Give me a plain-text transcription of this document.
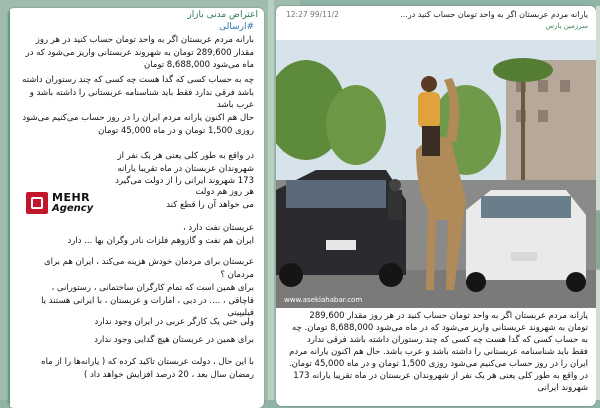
اعتراض مدنی بازار
#ارسالی
بارانه مردم عربستان اگر به واحد تومان حساب کنید در هر روز مقدار 289,600 تومان به شهروند عربستانی واریز می‌شود که در ماه می‌شود 8,688,000 تومان
چه به حساب کسی که گدا هست چه کسی که چند رستوران داشته باشد فرقی ندارد فقط باید شناسنامه عربستانی را داشته باشد و عرب باشد
حال هم اکنون یارانه مردم ایران را در روز حساب می‌کنیم می‌شود روزی 1,500 تومان و در ماه 45,000 تومان
در واقع به طور کلی یعنی هر یک نفر از شهروندان عربستان در ماه تقریبا یارانه 173 شهروند ایرانی را از دولت می‌گیرد
MEHR
Agency
هر روز هم دولت
می خواهد آن را قطع کند
عربستان نفت دارد ،
ایران هم نفت و گازوهم فلزات نادر وگران بها ... دارد
عربستان برای مردمان خودش هزینه می‌کند ، ایران هم برای مردمان ؟
برای همین است که تمام کارگران ساختمانی ، رستورانی ،
قاچاقی ، .... در دبی ، امارات و عربستان ، با ایرانی هستند یا فیلیپینی
ولی حتی یک کارگر عربی در ایران وجود ندارد
برای همین در عربستان هیچ گدایی وجود ندارد
با این حال ، دولت عربستان تاکید کرده که ( یارانه‌ها را از ماه رمضان سال بعد ، 20 درصد افزایش خواهد داد )
یارانه مردم عربستان اگر به واحد تومان حساب کنید در...
سرزمین پارس
12:27 99/11/2
www.aseklahabar.com
یارانه مردم عربستان اگر به واحد تومان حساب کنید در هر روز مقدار 289,600 تومان به شهروند عربستانی واریز می‌شود که در ماه می‌شود 8,688,000 تومان. چه به حساب کسی که گدا هست چه کسی که چند رستوران داشته باشد فرقی ندارد فقط باید شناسنامه عربستانی را داشته باشد و عرب باشد. حال هم اکنون یارانه مردم ایران را در روز حساب می‌کنیم می‌شود روزی 1,500 تومان و در ماه 45,000 تومان. در واقع به طور کلی یعنی هر یک نفر از شهروندان عربستان در ماه تقریبا یارانه 173 شهروند ایرانی
